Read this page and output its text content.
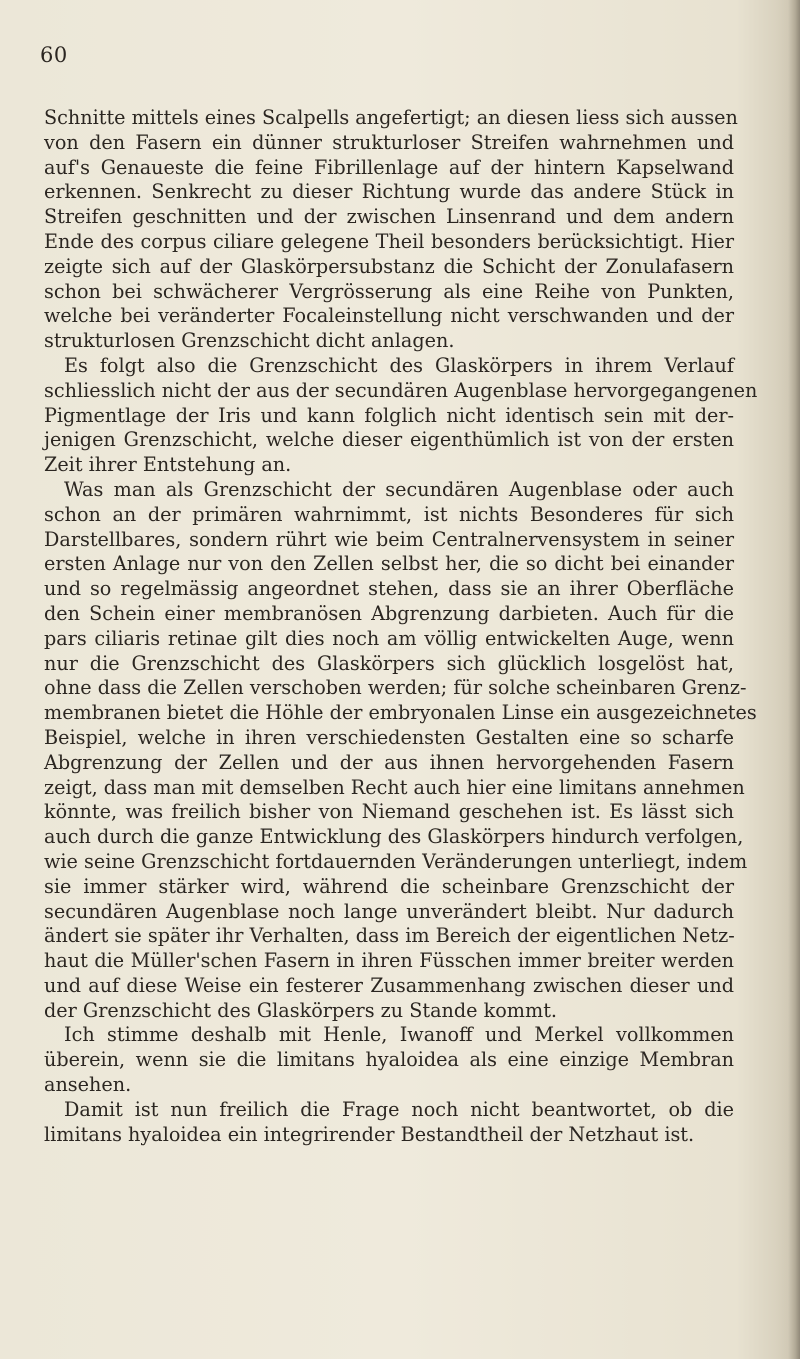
60
Schnitte mittels eines Scalpells angefertigt; an diesen liess sich aussen
von den Fasern ein dünner strukturloser Streifen wahrnehmen und
auf's Genaueste die feine Fibrillenlage auf der hintern Kapselwand
erkennen. Senkrecht zu dieser Richtung wurde das andere Stück in
Streifen geschnitten und der zwischen Linsenrand und dem andern
Ende des corpus ciliare gelegene Theil besonders berücksichtigt. Hier
zeigte sich auf der Glaskörpersubstanz die Schicht der Zonulafasern
schon bei schwächerer Vergrösserung als eine Reihe von Punkten,
welche bei veränderter Focaleinstellung nicht verschwanden und der
strukturlosen Grenzschicht dicht anlagen.
Es folgt also die Grenzschicht des Glaskörpers in ihrem Verlauf
schliesslich nicht der aus der secundären Augenblase hervorgegangenen
Pigmentlage der Iris und kann folglich nicht identisch sein mit der-
jenigen Grenzschicht, welche dieser eigenthümlich ist von der ersten
Zeit ihrer Entstehung an.
Was man als Grenzschicht der secundären Augenblase oder auch
schon an der primären wahrnimmt, ist nichts Besonderes für sich
Darstellbares, sondern rührt wie beim Centralnervensystem in seiner
ersten Anlage nur von den Zellen selbst her, die so dicht bei einander
und so regelmässig angeordnet stehen, dass sie an ihrer Oberfläche
den Schein einer membranösen Abgrenzung darbieten. Auch für die
pars ciliaris retinae gilt dies noch am völlig entwickelten Auge, wenn
nur die Grenzschicht des Glaskörpers sich glücklich losgelöst hat,
ohne dass die Zellen verschoben werden; für solche scheinbaren Grenz-
membranen bietet die Höhle der embryonalen Linse ein ausgezeichnetes
Beispiel, welche in ihren verschiedensten Gestalten eine so scharfe
Abgrenzung der Zellen und der aus ihnen hervorgehenden Fasern
zeigt, dass man mit demselben Recht auch hier eine limitans annehmen
könnte, was freilich bisher von Niemand geschehen ist. Es lässt sich
auch durch die ganze Entwicklung des Glaskörpers hindurch verfolgen,
wie seine Grenzschicht fortdauernden Veränderungen unterliegt, indem
sie immer stärker wird, während die scheinbare Grenzschicht der
secundären Augenblase noch lange unverändert bleibt. Nur dadurch
ändert sie später ihr Verhalten, dass im Bereich der eigentlichen Netz-
haut die Müller'schen Fasern in ihren Füsschen immer breiter werden
und auf diese Weise ein festerer Zusammenhang zwischen dieser und
der Grenzschicht des Glaskörpers zu Stande kommt.
Ich stimme deshalb mit Henle, Iwanoff und Merkel vollkommen
überein, wenn sie die limitans hyaloidea als eine einzige Membran
ansehen.
Damit ist nun freilich die Frage noch nicht beantwortet, ob die
limitans hyaloidea ein integrirender Bestandtheil der Netzhaut ist.
